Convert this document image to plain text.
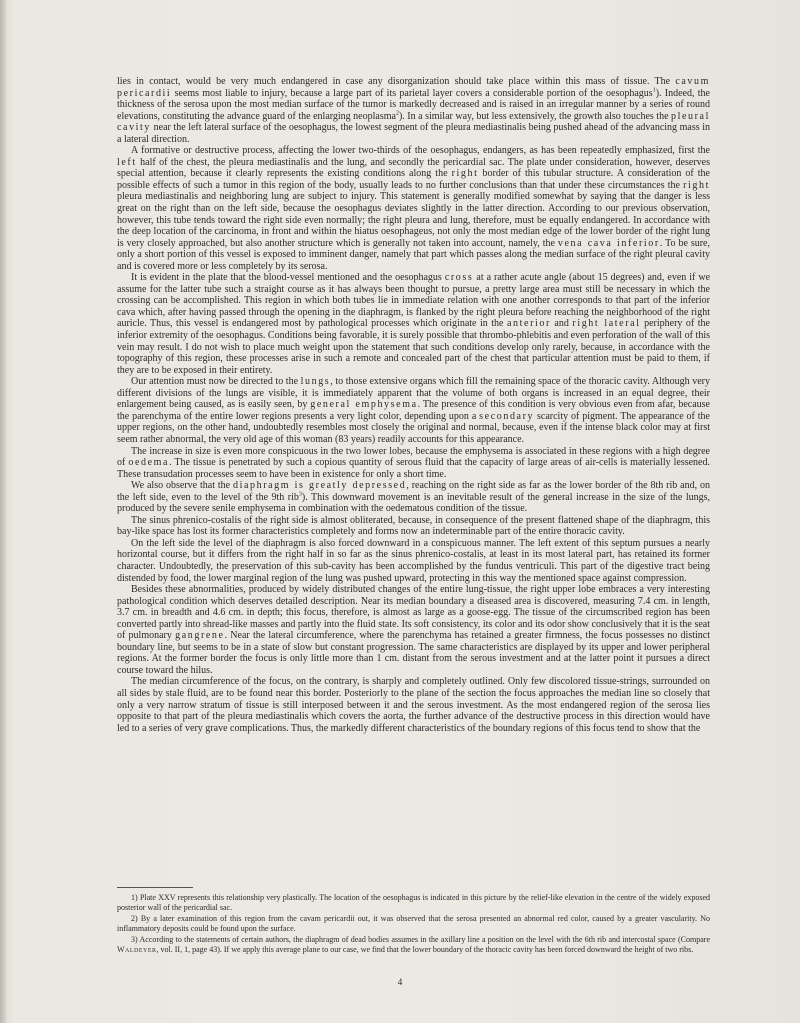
lies in contact, would be very much endangered in case any disorganization should take place within this mass of tissue. The cavum pericardii seems most liable to injury, because a large part of its parietal layer covers a considerable portion of the oesophagus$^1$). Indeed, the thickness of the serosa upon the most median surface of the tumor is markedly decreased and is raised in an irregular manner by a series of round elevations, constituting the advance guard of the enlarging neoplasma$^2$). In a similar way, but less extensively, the growth also touches the pleural cavity near the left lateral surface of the oesophagus, the lowest segment of the pleura mediastinalis being pushed ahead of the advancing mass in a lateral direction.

A formative or destructive process, affecting the lower two-thirds of the oesophagus, endangers, as has been repeatedly emphasized, first the left half of the chest, the pleura mediastinalis and the lung, and secondly the pericardial sac. The plate under consideration, however, deserves special attention, because it clearly represents the existing conditions along the right border of this tubular structure. A consideration of the possible effects of such a tumor in this region of the body, usually leads to no further conclusions than that under these circumstances the right pleura mediastinalis and neighboring lung are subject to injury. This statement is generally modified somewhat by saying that the danger is less great on the right than on the left side, because the oesophagus deviates slightly in the latter direction. According to our previous observation, however, this tube tends toward the right side even normally; the right pleura and lung, therefore, must be equally endangered. In accordance with the deep location of the carcinoma, in front and within the hiatus oesophageus, not only the most median edge of the lower border of the right lung is very closely approached, but also another structure which is generally not taken into account, namely, the vena cava inferior. To be sure, only a short portion of this vessel is exposed to imminent danger, namely that part which passes along the median surface of the right pleural cavity and is covered more or less completely by its serosa.

It is evident in the plate that the blood-vessel mentioned and the oesophagus cross at a rather acute angle (about 15 degrees) and, even if we assume for the latter tube such a straight course as it has always been thought to pursue, a pretty large area must still be necessary in which the crossing can be accomplished. This region in which both tubes lie in immediate relation with one another corresponds to that part of the inferior cava which, after having passed through the opening in the diaphragm, is flanked by the right pleura before reaching the neighborhood of the right auricle. Thus, this vessel is endangered most by pathological processes which originate in the anterior and right lateral periphery of the inferior extremity of the oesophagus. Conditions being favorable, it is surely possible that thrombo-phlebitis and even perforation of the wall of this vein may result. I do not wish to place much weight upon the statement that such conditions develop only rarely, because, in accordance with the topography of this region, these processes arise in such a remote and concealed part of the chest that particular attention must be paid to them, if they are to be exposed in their entirety.

Our attention must now be directed to the lungs, to those extensive organs which fill the remaining space of the thoracic cavity. Although very different divisions of the lungs are visible, it is immediately apparent that the volume of both organs is increased in an equal degree, their enlargement being caused, as is easily seen, by general emphysema. The presence of this condition is very obvious even from afar, because the parenchyma of the entire lower regions presents a very light color, depending upon a secondary scarcity of pigment. The appearance of the upper regions, on the other hand, undoubtedly resembles most closely the original and normal, because, even if the intense black color may at first seem rather abnormal, the very old age of this woman (83 years) readily accounts for this appearance.

The increase in size is even more conspicuous in the two lower lobes, because the emphysema is associated in these regions with a high degree of oedema. The tissue is penetrated by such a copious quantity of serous fluid that the capacity of large areas of air-cells is materially lessened. These transudation processes seem to have been in existence for only a short time.

We also observe that the diaphragm is greatly depressed, reaching on the right side as far as the lower border of the 8th rib and, on the left side, even to the level of the 9th rib$^3$). This downward movement is an inevitable result of the general increase in the size of the lungs, produced by the severe senile emphysema in combination with the oedematous condition of the tissue.

The sinus phrenico-costalis of the right side is almost obliterated, because, in consequence of the present flattened shape of the diaphragm, this bay-like space has lost its former characteristics completely and forms now an indeterminable part of the entire thoracic cavity.

On the left side the level of the diaphragm is also forced downward in a conspicuous manner. The left extent of this septum pursues a nearly horizontal course, but it differs from the right half in so far as the sinus phrenico-costalis, at least in its most lateral part, has retained its former character. Undoubtedly, the preservation of this sub-cavity has been accomplished by the fundus ventriculi. This part of the digestive tract being distended by food, the lower marginal region of the lung was pushed upward, protecting in this way the mentioned space against compression.

Besides these abnormalities, produced by widely distributed changes of the entire lung-tissue, the right upper lobe embraces a very interesting pathological condition which deserves detailed description. Near its median boundary a diseased area is discovered, measuring 7.4 cm. in length, 3.7 cm. in breadth and 4.6 cm. in depth; this focus, therefore, is almost as large as a goose-egg. The tissue of the circumscribed region has been converted partly into shread-like masses and partly into the fluid state. Its soft consistency, its color and its odor show conclusively that it is the seat of pulmonary gangrene. Near the lateral circumference, where the parenchyma has retained a greater firmness, the focus possesses no distinct boundary line, but seems to be in a state of slow but constant progression. The same characteristics are displayed by its upper and lower peripheral regions. At the former border the focus is only little more than 1 cm. distant from the serous investment and at the latter point it pursues a direct course toward the hilus.

The median circumference of the focus, on the contrary, is sharply and completely outlined. Only few discolored tissue-strings, surrounded on all sides by stale fluid, are to be found near this border. Posteriorly to the plane of the section the focus approaches the median line so closely that only a very narrow stratum of tissue is still interposed between it and the serous investment. As the most endangered region of the serosa lies opposite to that part of the pleura mediastinalis which covers the aorta, the further advance of the destructive process in this direction would have led to a series of very grave complications. Thus, the markedly different characteristics of the boundary regions of this focus tend to show that the

1) Plate XXV represents this relationship very plastically. The location of the oesophagus is indicated in this picture by the relief-like elevation in the centre of the widely exposed posterior wall of the pericardial sac.

2) By a later examination of this region from the cavam pericardii out, it was observed that the serosa presented an abnormal red color, caused by a greater vascularity. No inflammatory deposits could be found upon the surface.

3) According to the statements of certain authors, the diaphragm of dead bodies assumes in the axillary line a position on the level with the 6th rib and intercostal space (Compare Waldeyer, vol. II, 1, page 43). If we apply this average plane to our case, we find that the lower boundary of the thoracic cavity has been forced downward the height of two ribs.

4
